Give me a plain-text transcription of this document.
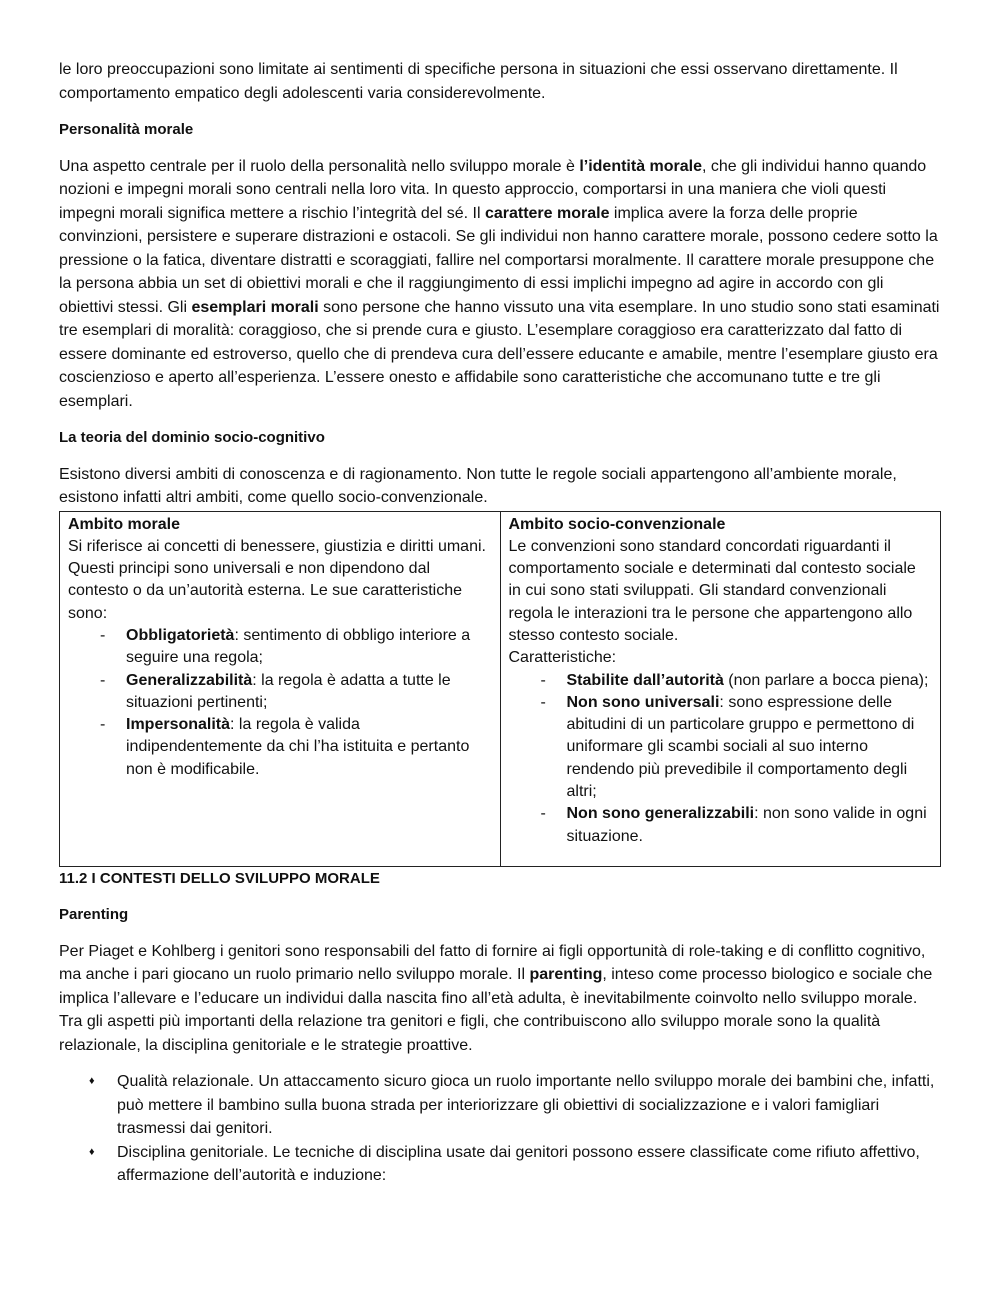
le loro preoccupazioni sono limitate ai sentimenti di specifiche persona in situazioni che essi osservano direttamente. Il comportamento empatico degli adolescenti varia considerevolmente.

Personalità morale

Una aspetto centrale per il ruolo della personalità nello sviluppo morale è l’identità morale, che gli individui hanno quando nozioni e impegni morali sono centrali nella loro vita. In questo approccio, comportarsi in una maniera che violi questi impegni morali significa mettere a rischio l’integrità del sé. Il carattere morale implica avere la forza delle proprie convinzioni, persistere e superare distrazioni e ostacoli. Se gli individui non hanno carattere morale, possono cedere sotto la pressione o la fatica, diventare distratti e scoraggiati, fallire nel comportarsi moralmente. Il carattere morale presuppone che la persona abbia un set di obiettivi morali e che il raggiungimento di essi implichi impegno ad agire in accordo con gli obiettivi stessi. Gli esemplari morali sono persone che hanno vissuto una vita esemplare. In uno studio sono stati esaminati tre esemplari di moralità: coraggioso, che si prende cura e giusto. L’esemplare coraggioso era caratterizzato dal fatto di essere dominante ed estroverso, quello che di prendeva cura dell’essere educante e amabile, mentre l’esemplare giusto era coscienzioso e aperto all’esperienza. L’essere onesto e affidabile sono caratteristiche che accomunano tutte e tre gli esemplari.

La teoria del dominio socio-cognitivo

Esistono diversi ambiti di conoscenza e di ragionamento. Non tutte le regole sociali appartengono all’ambiente morale, esistono infatti altri ambiti, come quello socio-convenzionale.

Ambito morale
Si riferisce ai concetti di benessere, giustizia e diritti umani. Questi principi sono universali e non dipendono dal contesto o da un’autorità esterna. Le sue caratteristiche sono:
- Obbligatorietà: sentimento di obbligo interiore a seguire una regola;
- Generalizzabilità: la regola è adatta a tutte le situazioni pertinenti;
- Impersonalità: la regola è valida indipendentemente da chi l’ha istituita e pertanto non è modificabile.

Ambito socio-convenzionale
Le convenzioni sono standard concordati riguardanti il comportamento sociale e determinati dal contesto sociale in cui sono stati sviluppati. Gli standard convenzionali regola le interazioni tra le persone che appartengono allo stesso contesto sociale.
Caratteristiche:
- Stabilite dall’autorità (non parlare a bocca piena);
- Non sono universali: sono espressione delle abitudini di un particolare gruppo e permettono di uniformare gli scambi sociali al suo interno rendendo più prevedibile il comportamento degli altri;
- Non sono generalizzabili: non sono valide in ogni situazione.

11.2 I CONTESTI DELLO SVILUPPO MORALE

Parenting

Per Piaget e Kohlberg i genitori sono responsabili del fatto di fornire ai figli opportunità di role-taking e di conflitto cognitivo, ma anche i pari giocano un ruolo primario nello sviluppo morale. Il parenting, inteso come processo biologico e sociale che implica l’allevare e l’educare un individui dalla nascita fino all’età adulta, è inevitabilmente coinvolto nello sviluppo morale. Tra gli aspetti più importanti della relazione tra genitori e figli, che contribuiscono allo sviluppo morale sono la qualità relazionale, la disciplina genitoriale e le strategie proattive.

♦ Qualità relazionale. Un attaccamento sicuro gioca un ruolo importante nello sviluppo morale dei bambini che, infatti, può mettere il bambino sulla buona strada per interiorizzare gli obiettivi di socializzazione e i valori famigliari trasmessi dai genitori.
♦ Disciplina genitoriale. Le tecniche di disciplina usate dai genitori possono essere classificate come rifiuto affettivo, affermazione dell’autorità e induzione:
